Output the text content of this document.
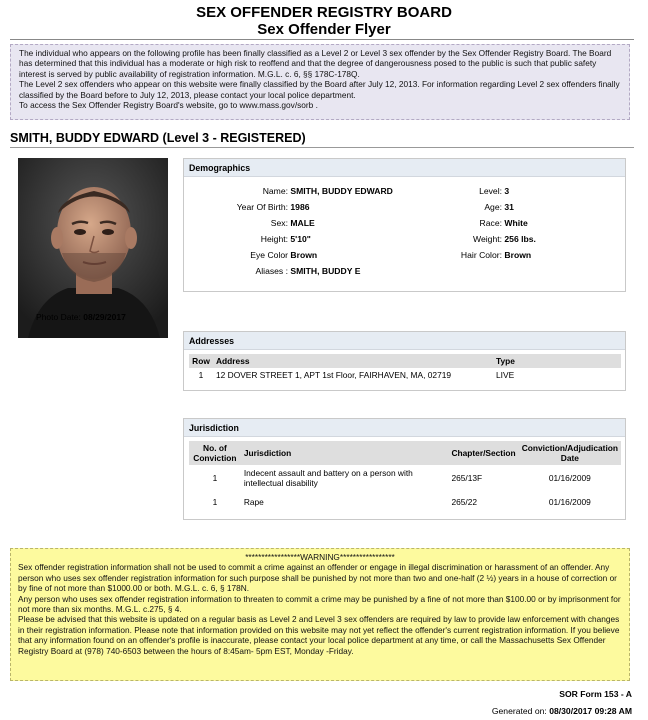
SEX OFFENDER REGISTRY BOARD
Sex Offender Flyer

The individual who appears on the following profile has been finally classified as a Level 2 or Level 3 sex offender by the Sex Offender Registry Board. The Board has determined that this individual has a moderate or high risk to reoffend and that the degree of dangerousness posed to the public is such that public safety interest is served by public availability of registration information. M.G.L. c. 6, §§ 178C-178Q.

The Level 2 sex offenders who appear on this website were finally classified by the Board after July 12, 2013. For information regarding Level 2 sex offenders finally classified by the Board before to July 12, 2013, please contact your local police department.

To access the Sex Offender Registry Board's website, go to www.mass.gov/sorb .

SMITH, BUDDY EDWARD (Level 3 - REGISTERED)
Photo Date: 08/29/2017
Demographics
Name: SMITH, BUDDY EDWARD
Year Of Birth: 1986
Sex: MALE
Height: 5'10"
Eye Color Brown
Aliases : SMITH, BUDDY E
Level: 3
Age: 31
Race: White
Weight: 256 lbs.
Hair Color: Brown
Addresses
Row	Address	Type
1	12 DOVER STREET 1, APT 1st Floor, FAIRHAVEN, MA, 02719	LIVE
Jurisdiction
No. of Conviction	Jurisdiction	Chapter/Section	Conviction/Adjudication Date
1	Indecent assault and battery on a person with intellectual disability	265/13F	01/16/2009
1	Rape	265/22	01/16/2009
*****************WARNING*****************

Sex offender registration information shall not be used to commit a crime against an offender or engage in illegal discrimination or harassment of an offender. Any person who uses sex offender registration information for such purpose shall be punished by not more than two and one-half (2 ½) years in a house of correction or by fine of not more than $1000.00 or both. M.G.L. c. 6, § 178N.

Any person who uses sex offender registration information to threaten to commit a crime may be punished by a fine of not more than $100.00 or by imprisonment for not more than six months. M.G.L. c.275, § 4.

Please be advised that this website is updated on a regular basis as Level 2 and Level 3 sex offenders are required by law to provide law enforcement with changes in their registration information. Please note that information provided on this website may not yet reflect the offender's current registration information. If you believe that any information found on an offender's profile is inaccurate, please contact your local police department at any time, or call the Massachusetts Sex Offender Registry Board at (978) 740-6503 between the hours of 8:45am- 5pm EST, Monday -Friday.

SOR Form 153 - A
Generated on: 08/30/2017 09:28 AM
